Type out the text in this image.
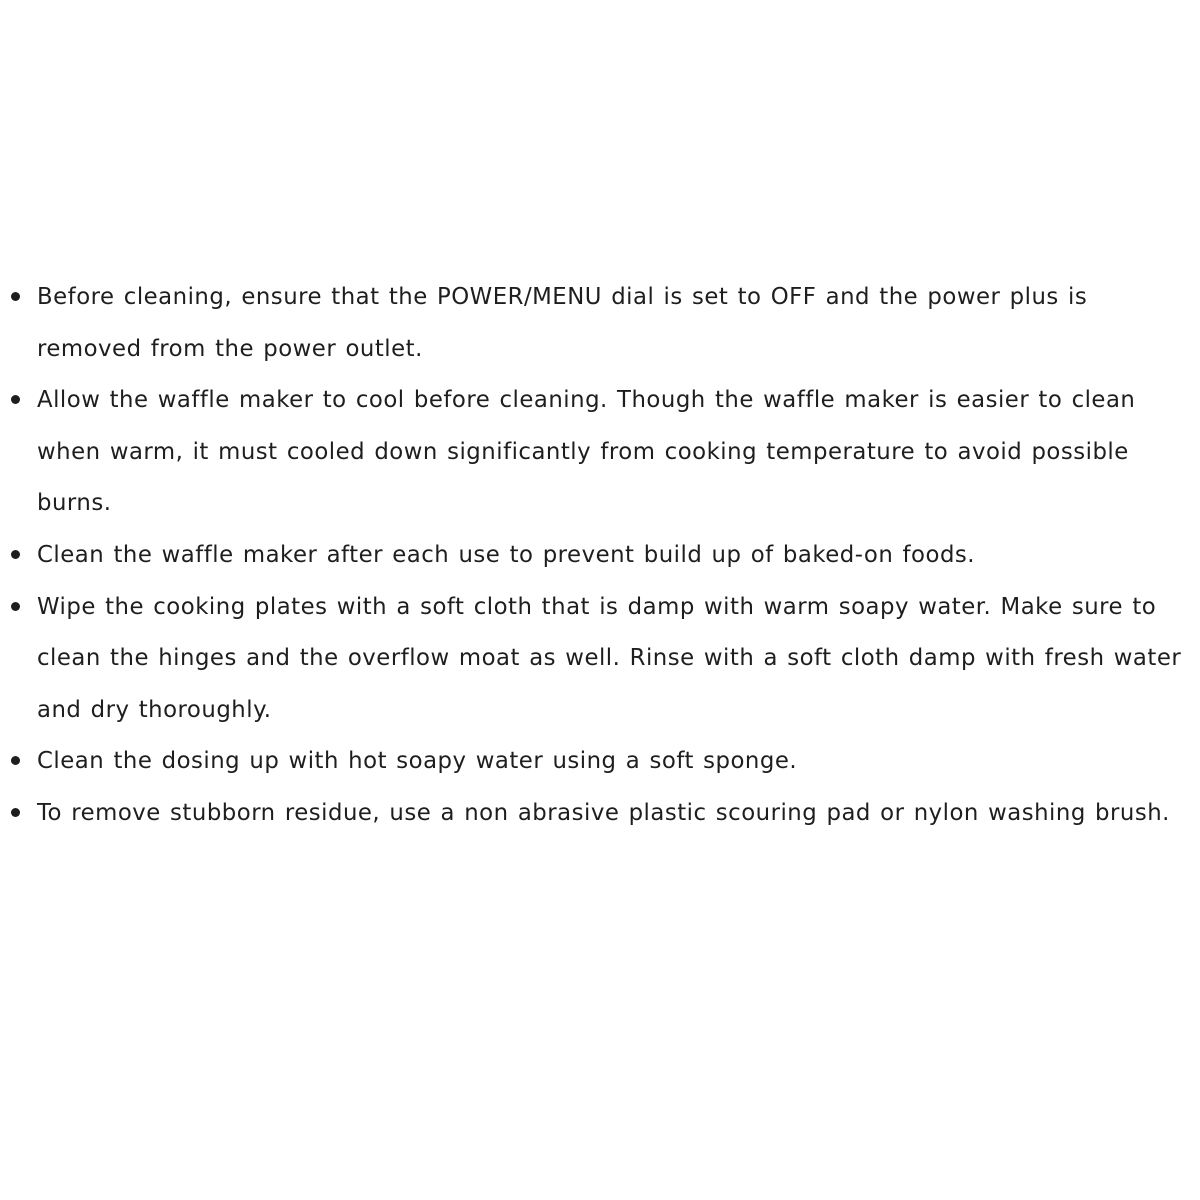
Before cleaning, ensure that the POWER/MENU dial is set to OFF and the power plus is removed from the power outlet.
Allow the waffle maker to cool before cleaning. Though the waffle maker is easier to clean when warm, it must cooled down significantly from cooking temperature to avoid possible burns.
Clean the waffle maker after each use to prevent build up of baked-on foods.
Wipe the cooking plates with a soft cloth that is damp with warm soapy water. Make sure to clean the hinges and the overflow moat as well. Rinse with a soft cloth damp with fresh water and dry thoroughly.
Clean the dosing up with hot soapy water using a soft sponge.
To remove stubborn residue, use a non abrasive plastic scouring pad or nylon washing brush.
